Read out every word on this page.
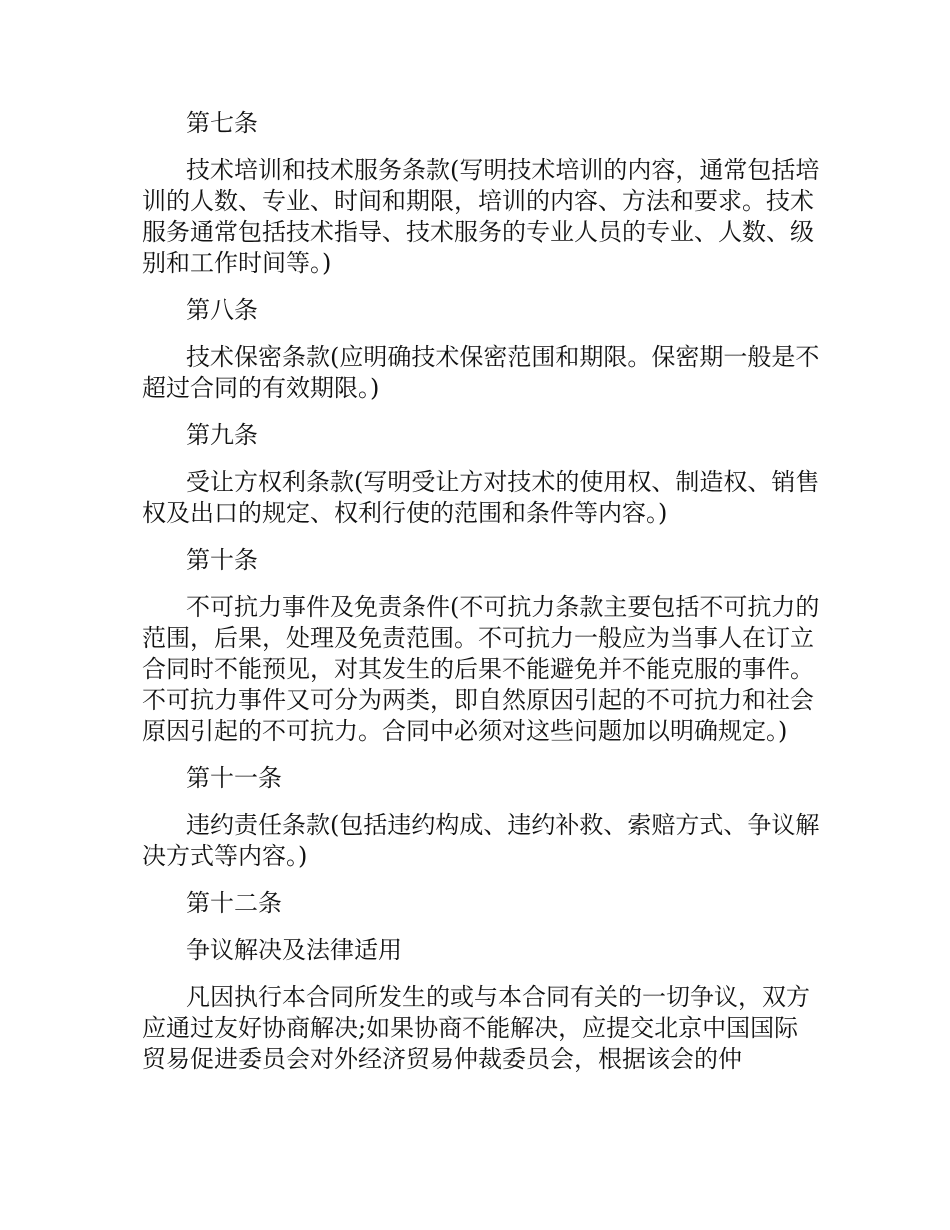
第七条
技术培训和技术服务条款(写明技术培训的内容，通常包括培训的人数、专业、时间和期限，培训的内容、方法和要求。技术服务通常包括技术指导、技术服务的专业人员的专业、人数、级别和工作时间等。)
第八条
技术保密条款(应明确技术保密范围和期限。保密期一般是不超过合同的有效期限。)
第九条
受让方权利条款(写明受让方对技术的使用权、制造权、销售权及出口的规定、权利行使的范围和条件等内容。)
第十条
不可抗力事件及免责条件(不可抗力条款主要包括不可抗力的范围，后果，处理及免责范围。不可抗力一般应为当事人在订立合同时不能预见，对其发生的后果不能避免并不能克服的事件。不可抗力事件又可分为两类，即自然原因引起的不可抗力和社会原因引起的不可抗力。合同中必须对这些问题加以明确规定。)
第十一条
违约责任条款(包括违约构成、违约补救、索赔方式、争议解决方式等内容。)
第十二条
争议解决及法律适用
凡因执行本合同所发生的或与本合同有关的一切争议，双方应通过友好协商解决;如果协商不能解决，应提交北京中国国际贸易促进委员会对外经济贸易仲裁委员会，根据该会的仲
